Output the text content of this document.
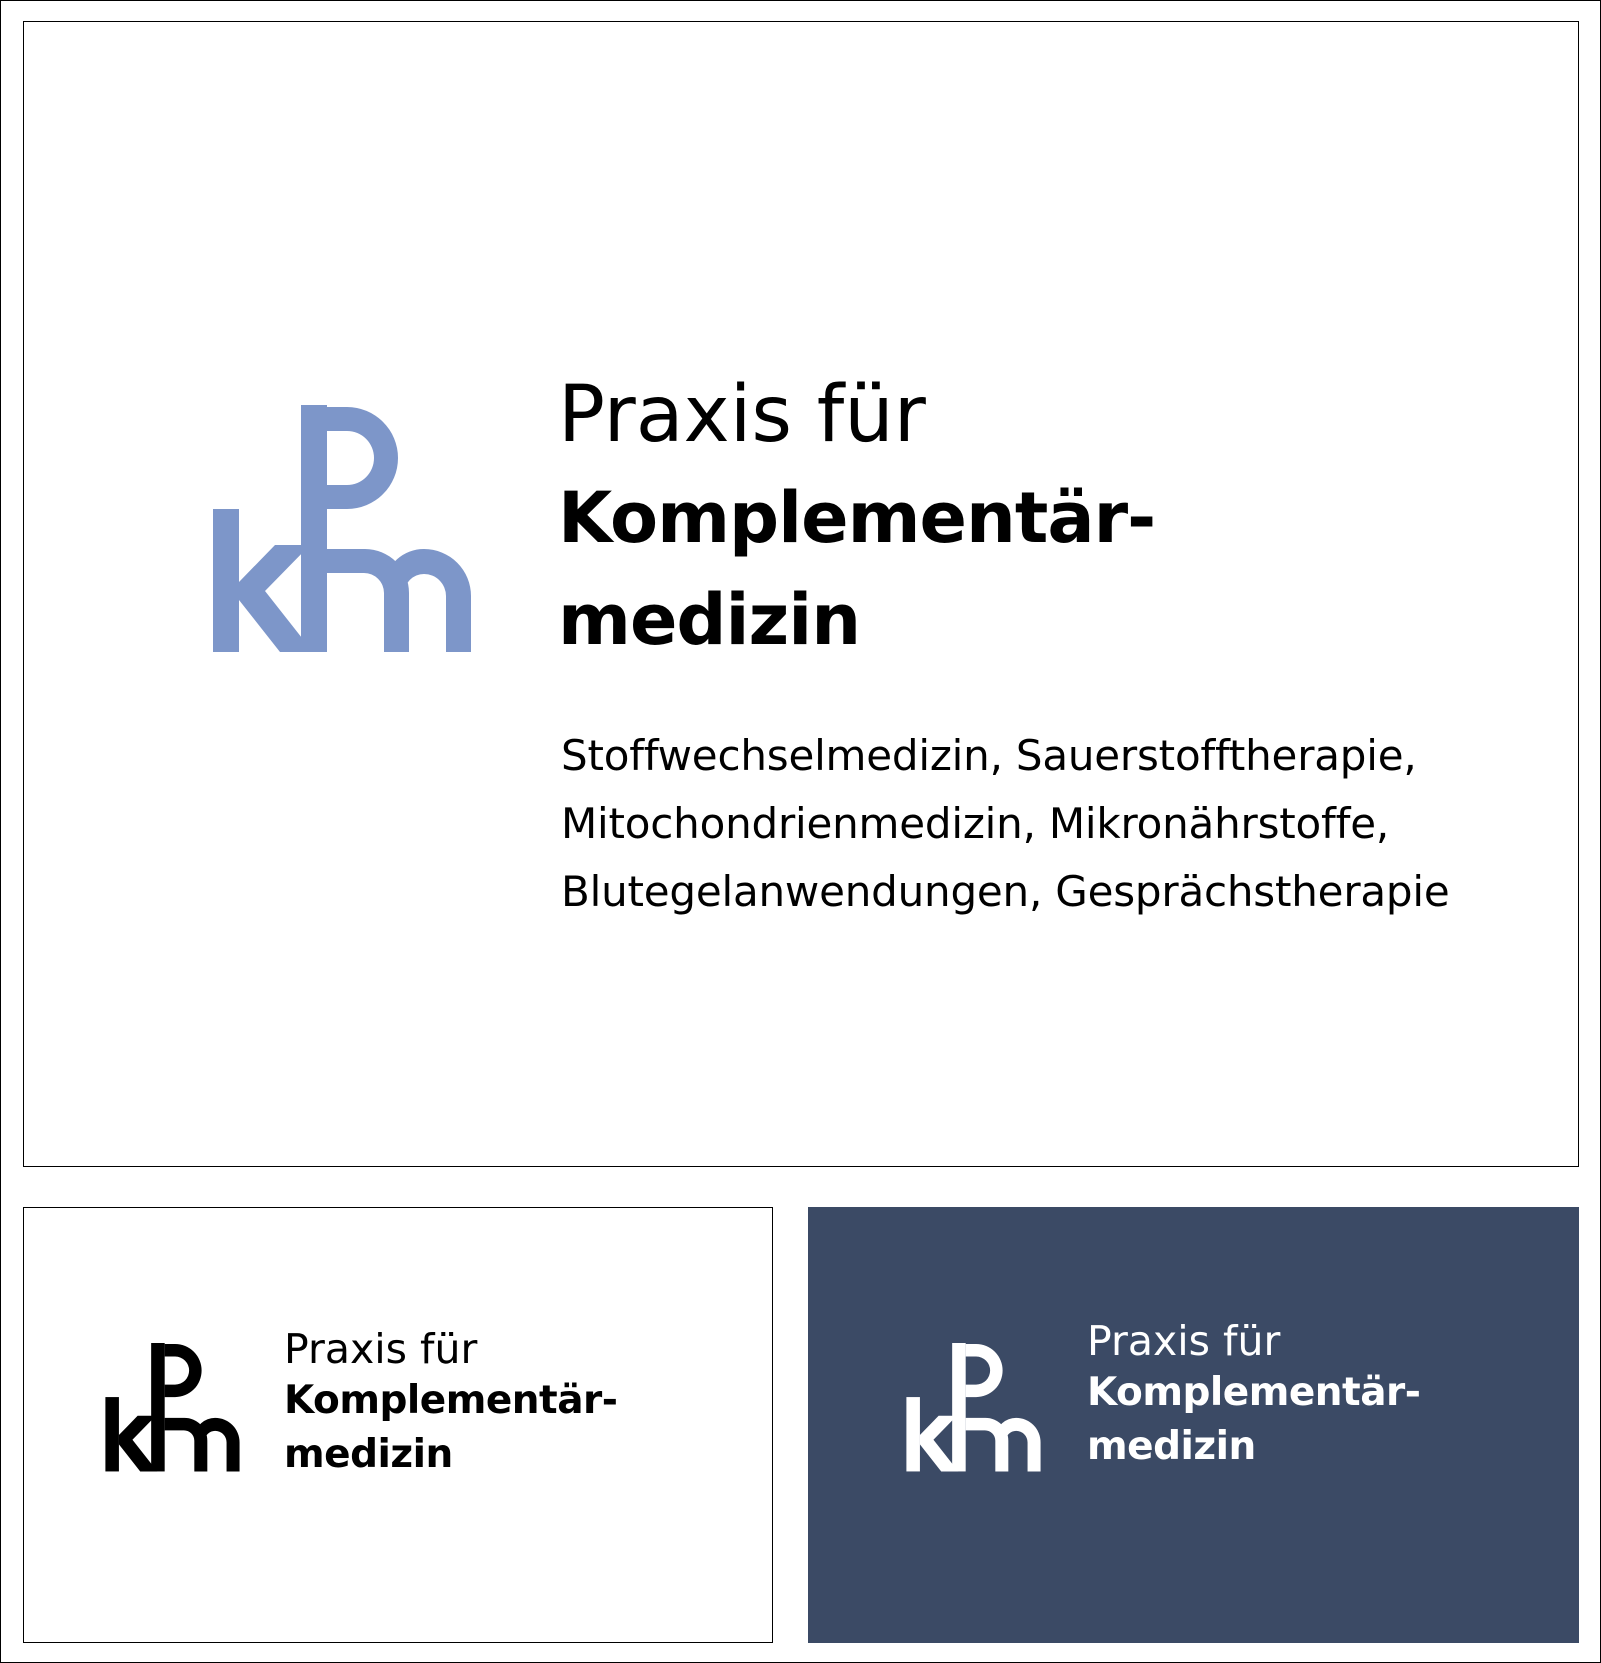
Praxis für
Komplementär-
medizin
Stoffwechselmedizin, Sauerstofftherapie,
Mitochondrienmedizin, Mikronährstoffe,
Blutegelanwendungen, Gesprächstherapie
Praxis für
Komplementär-
medizin
Praxis für
Komplementär-
medizin
